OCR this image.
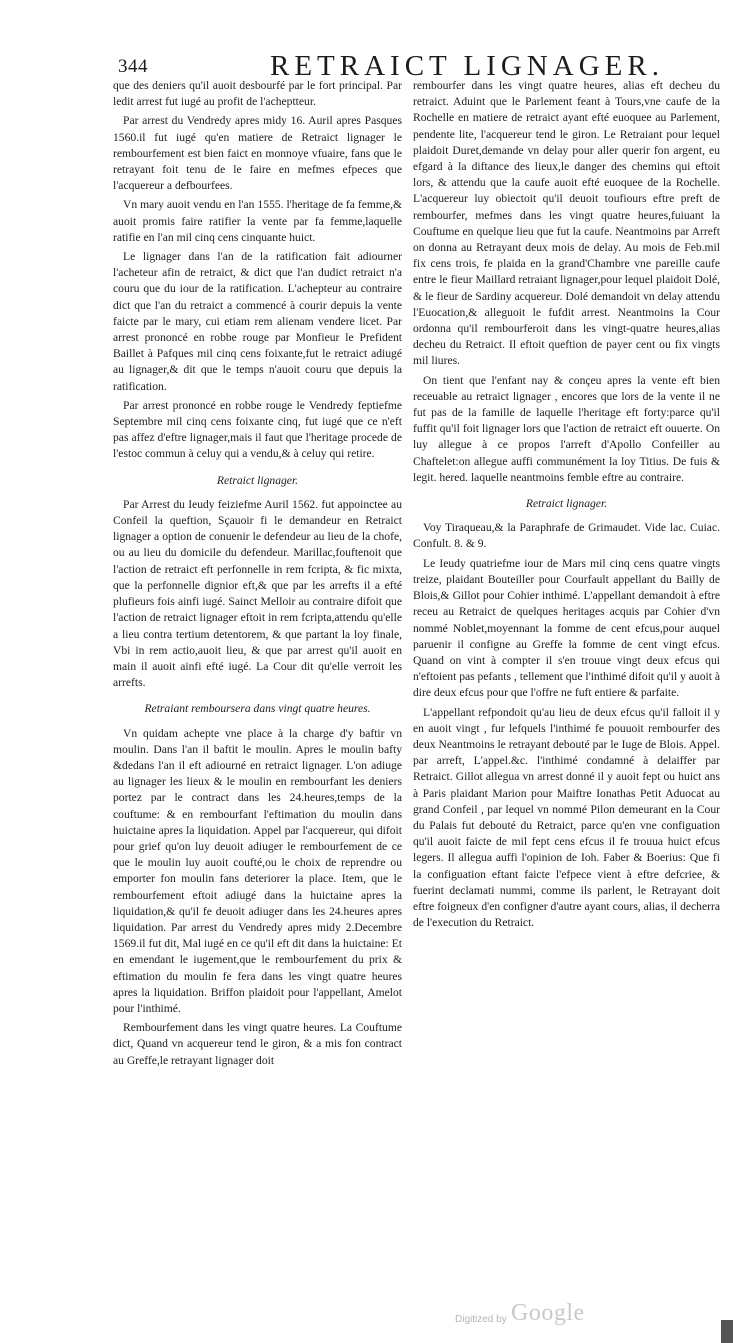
344	RETRAICT LIGNAGER.

que des deniers qu'il auoit desbourfé par le fort principal. Par ledit arrest fut iugé au profit de l'acheptteur.

Par arrest du Vendredy apres midy 16. Auril apres Pasques 1560.il fut iugé qu'en matiere de Retraict lignager le rembourfement est bien faict en monnoye vfuaire, fans que le retrayant foit tenu de le faire en mefmes efpeces que l'acquereur a defbourfees.

Vn mary auoit vendu en l'an 1555. l'heritage de fa femme,& auoit promis faire ratifier la vente par fa femme,laquelle ratifie en l'an mil cinq cens cinquante huict.

Le lignager dans l'an de la ratification fait adiourner l'acheteur afin de retraict, & dict que l'an dudict retraict n'a couru que du iour de la ratification. L'achepteur au contraire dict que l'an du retraict a commencé à courir depuis la vente faicte par le mary, cui etiam rem alienam vendere licet. Par arrest prononcé en robbe rouge par Monfieur le Prefident Baillet à Pafques mil cinq cens foixante,fut le retraict adiugé au lignager,& dit que le temps n'auoit couru que depuis la ratification.

Par arrest prononcé en robbe rouge le Vendredy feptiefme Septembre mil cinq cens foixante cinq, fut iugé que ce n'eft pas affez d'eftre lignager,mais il faut que l'heritage procede de l'estoc commun à celuy qui a vendu,& à celuy qui retire.

Retraict lignager.

Par Arrest du Ieudy feiziefme Auril 1562. fut appoinctee au Confeil la queftion, Sçauoir fi le demandeur en Retraict lignager a option de conuenir le defendeur au lieu de la chofe, ou au lieu du domicile du defendeur. Marillac,fouftenoit que l'action de retraict eft perfonnelle in rem fcripta, & fic mixta, que la perfonnelle dignior eft,& que par les arrefts il a efté plufieurs fois ainfi iugé. Sainct Melloir au contraire difoit que l'action de retraict lignager eftoit in rem fcripta,attendu qu'elle a lieu contra tertium detentorem, & que partant la loy finale, Vbi in rem actio,auoit lieu, & que par arrest qu'il auoit en main il auoit ainfi efté iugé. La Cour dit qu'elle verroit les arrefts.

Retraiant remboursera dans vingt quatre heures.

Vn quidam achepte vne place à la charge d'y baftir vn moulin. Dans l'an il baftit le moulin. Apres le moulin bafty &dedans l'an il eft adiourné en retraict lignager. L'on adiuge au lignager les lieux & le moulin en rembourfant les deniers portez par le contract dans les 24.heures,temps de la couftume: & en rembourfant l'eftimation du moulin dans huictaine apres la liquidation. Appel par l'acquereur, qui difoit pour grief qu'on luy deuoit adiuger le rembourfement de ce que le moulin luy auoit coufté,ou le choix de reprendre ou emporter fon moulin fans deteriorer la place. Item, que le rembourfement eftoit adiugé dans la huictaine apres la liquidation,& qu'il fe deuoit adiuger dans les 24.heures apres liquidation. Par arrest du Vendredy apres midy 2.Decembre 1569.il fut dit, Mal iugé en ce qu'il eft dit dans la huictaine: Et en emendant le iugement,que le rembourfement du prix & eftimation du moulin fe fera dans les vingt quatre heures apres la liquidation. Briffon plaidoit pour l'appellant, Amelot pour l'inthimé.

Rembourfement dans les vingt quatre heures. La Couftume dict, Quand vn acquereur tend le giron, & a mis fon contract au Greffe,le retrayant lignager doit

rembourfer dans les vingt quatre heures, alias eft decheu du retraict. Aduint que le Parlement feant à Tours,vne caufe de la Rochelle en matiere de retraict ayant efté euoquee au Parlement, pendente lite, l'acquereur tend le giron. Le Retraiant pour lequel plaidoit Duret,demande vn delay pour aller querir fon argent, eu efgard à la diftance des lieux,le danger des chemins qui eftoit lors, & attendu que la caufe auoit efté euoquee de la Rochelle. L'acquereur luy obiectoit qu'il deuoit toufiours eftre preft de rembourfer, mefmes dans les vingt quatre heures,fuiuant la Couftume en quelque lieu que fut la caufe. Neantmoins par Arreft on donna au Retrayant deux mois de delay. Au mois de Feb.mil fix cens trois, fe plaida en la grand'Chambre vne pareille caufe entre le fieur Maillard retraiant lignager,pour lequel plaidoit Dolé, & le fieur de Sardiny acquereur. Dolé demandoit vn delay attendu l'Euocation,& alleguoit le fufdit arrest. Neantmoins la Cour ordonna qu'il rembourferoit dans les vingt-quatre heures,alias decheu du Retraict. Il eftoit queftion de payer cent ou fix vingts mil liures.

On tient que l'enfant nay & conçeu apres la vente eft bien receuable au retraict lignager , encores que lors de la vente il ne fut pas de la famille de laquelle l'heritage eft forty:parce qu'il fuffit qu'il foit lignager lors que l'action de retraict eft ouuerte. On luy allegue à ce propos l'arreft d'Apollo Confeiller au Chaftelet:on allegue auffi communément la loy Titius. De fuis & legit. hered. laquelle neantmoins femble eftre au contraire.

Retraict lignager.

Voy Tiraqueau,& la Paraphrafe de Grimaudet. Vide lac. Cuiac. Confult. 8. & 9.

Le Ieudy quatriefme iour de Mars mil cinq cens quatre vingts treize, plaidant Bouteiller pour Courfault appellant du Bailly de Blois,& Gillot pour Cohier inthimé. L'appellant demandoit à eftre receu au Retraict de quelques heritages acquis par Cohier d'vn nommé Noblet,moyennant la fomme de cent efcus,pour auquel paruenir il configne au Greffe la fomme de cent vingt efcus. Quand on vint à compter il s'en trouue vingt deux efcus qui n'eftoient pas pefants , tellement que l'inthimé difoit qu'il y auoit à dire deux efcus pour que l'offre ne fuft entiere & parfaite.

L'appellant refpondoit qu'au lieu de deux efcus qu'il falloit il y en auoit vingt , fur lefquels l'inthimé fe pouuoit rembourfer des deux Neantmoins le retrayant debouté par le Iuge de Blois. Appel. par arreft, L'appel.&c. l'inthimé condamné à delaiffer par Retraict. Gillot allegua vn arrest donné il y auoit fept ou huict ans à Paris plaidant Marion pour Maiftre Ionathas Petit Aduocat au grand Confeil , par lequel vn nommé Pilon demeurant en la Cour du Palais fut debouté du Retraict, parce qu'en vne configuation qu'il auoit faicte de mil fept cens efcus il fe trouua huict efcus legers. Il allegua auffi l'opinion de Ioh. Faber & Boerius: Que fi la configuation eftant faicte l'efpece vient à eftre defcriee, & fuerint declamati nummi, comme ils parlent, le Retrayant doit eftre foigneux d'en configner d'autre ayant cours, alias, il decherra de l'execution du Retraict.

Digitized by Google
